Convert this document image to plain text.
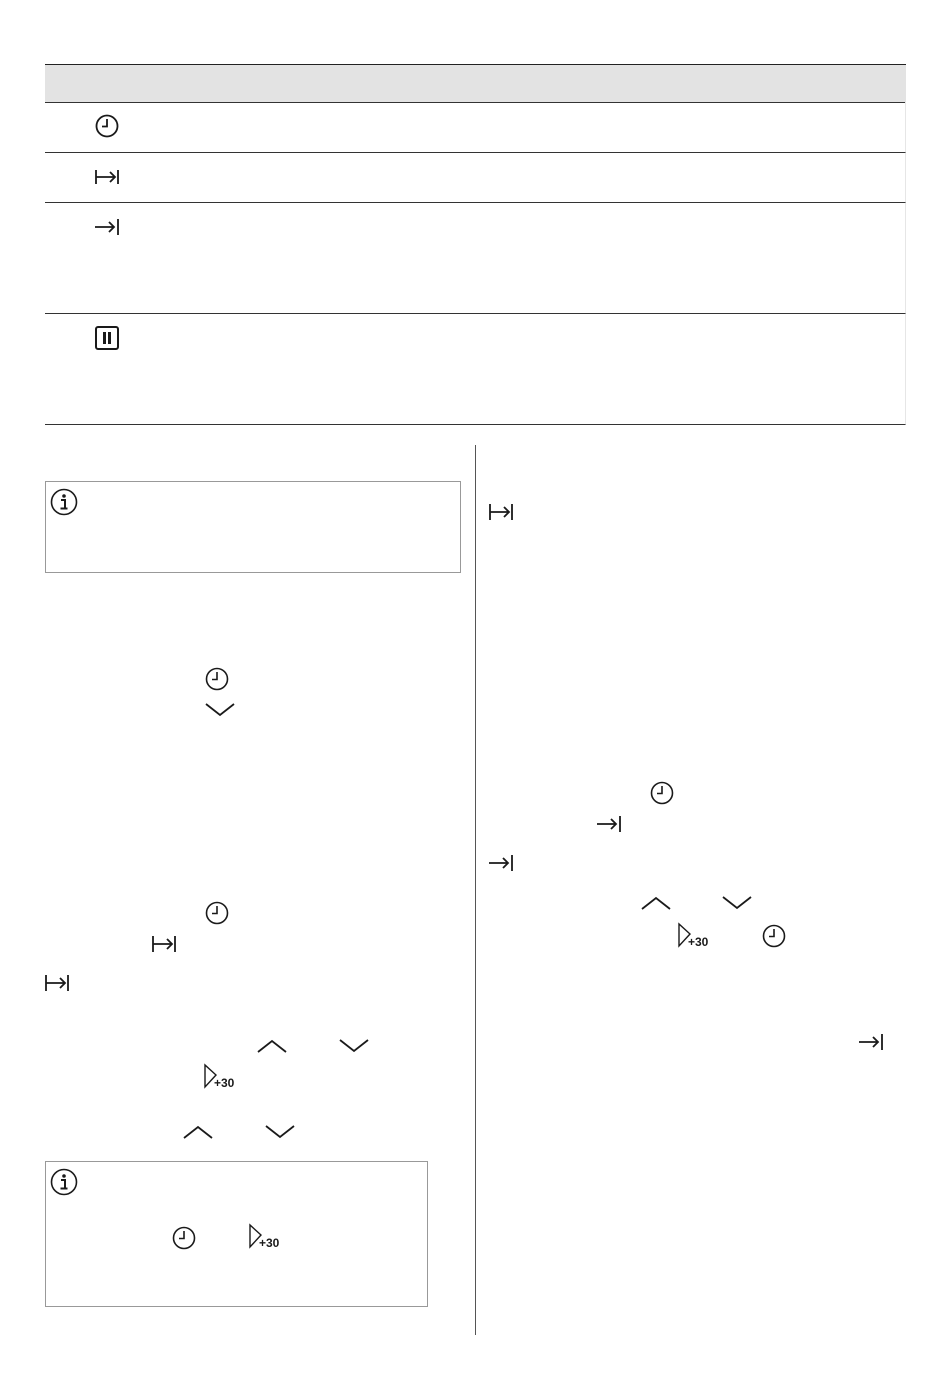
+30
+30
+30
